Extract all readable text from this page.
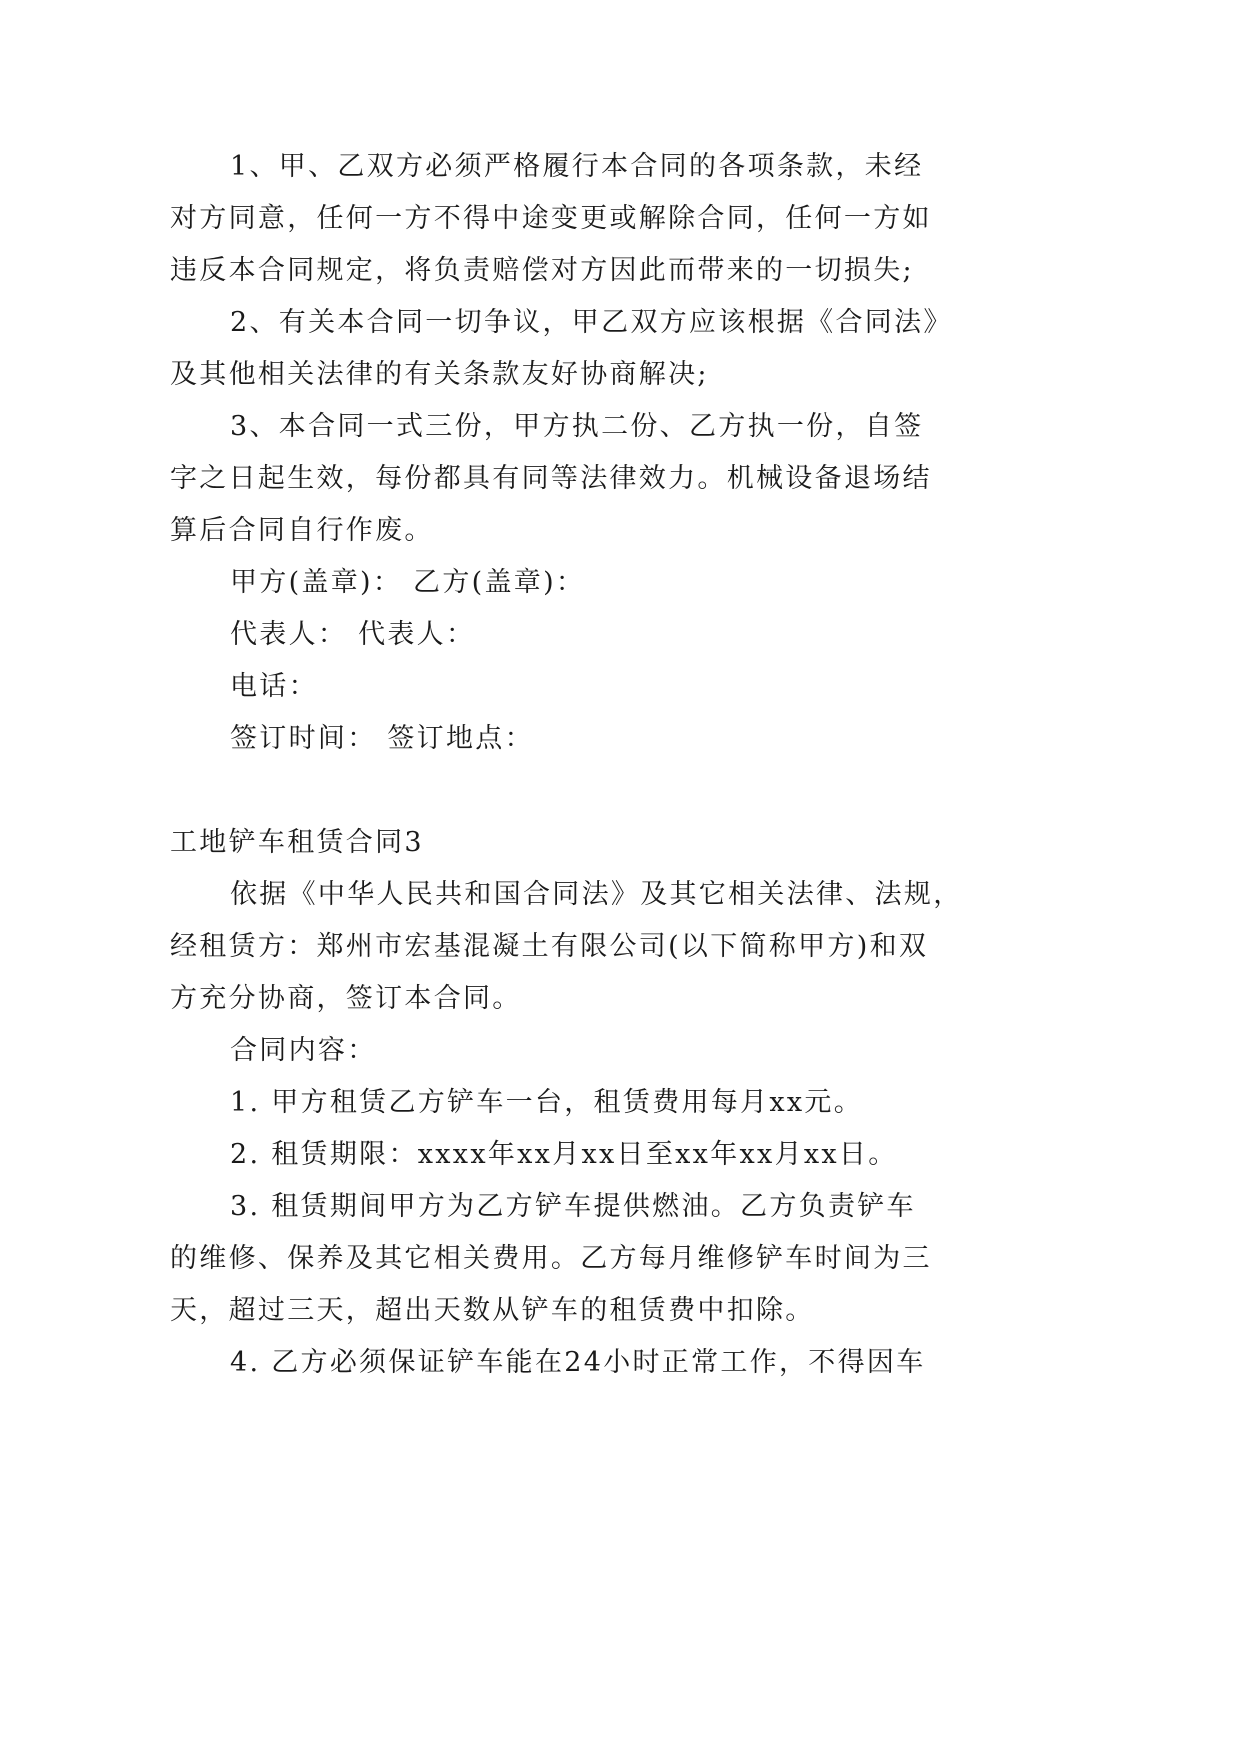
1、甲、乙双方必须严格履行本合同的各项条款，未经
对方同意，任何一方不得中途变更或解除合同，任何一方如
违反本合同规定，将负责赔偿对方因此而带来的一切损失;
2、有关本合同一切争议，甲乙双方应该根据《合同法》
及其他相关法律的有关条款友好协商解决;
3、本合同一式三份，甲方执二份、乙方执一份，自签
字之日起生效，每份都具有同等法律效力。机械设备退场结
算后合同自行作废。
甲方(盖章)： 乙方(盖章)：
代表人： 代表人：
电话：
签订时间： 签订地点：
工地铲车租赁合同3
依据《中华人民共和国合同法》及其它相关法律、法规，
经租赁方：郑州市宏基混凝土有限公司(以下简称甲方)和双
方充分协商，签订本合同。
合同内容：
1. 甲方租赁乙方铲车一台，租赁费用每月xx元。
2. 租赁期限：xxxx年xx月xx日至xx年xx月xx日。
3. 租赁期间甲方为乙方铲车提供燃油。乙方负责铲车
的维修、保养及其它相关费用。乙方每月维修铲车时间为三
天，超过三天，超出天数从铲车的租赁费中扣除。
4. 乙方必须保证铲车能在24小时正常工作，不得因车
